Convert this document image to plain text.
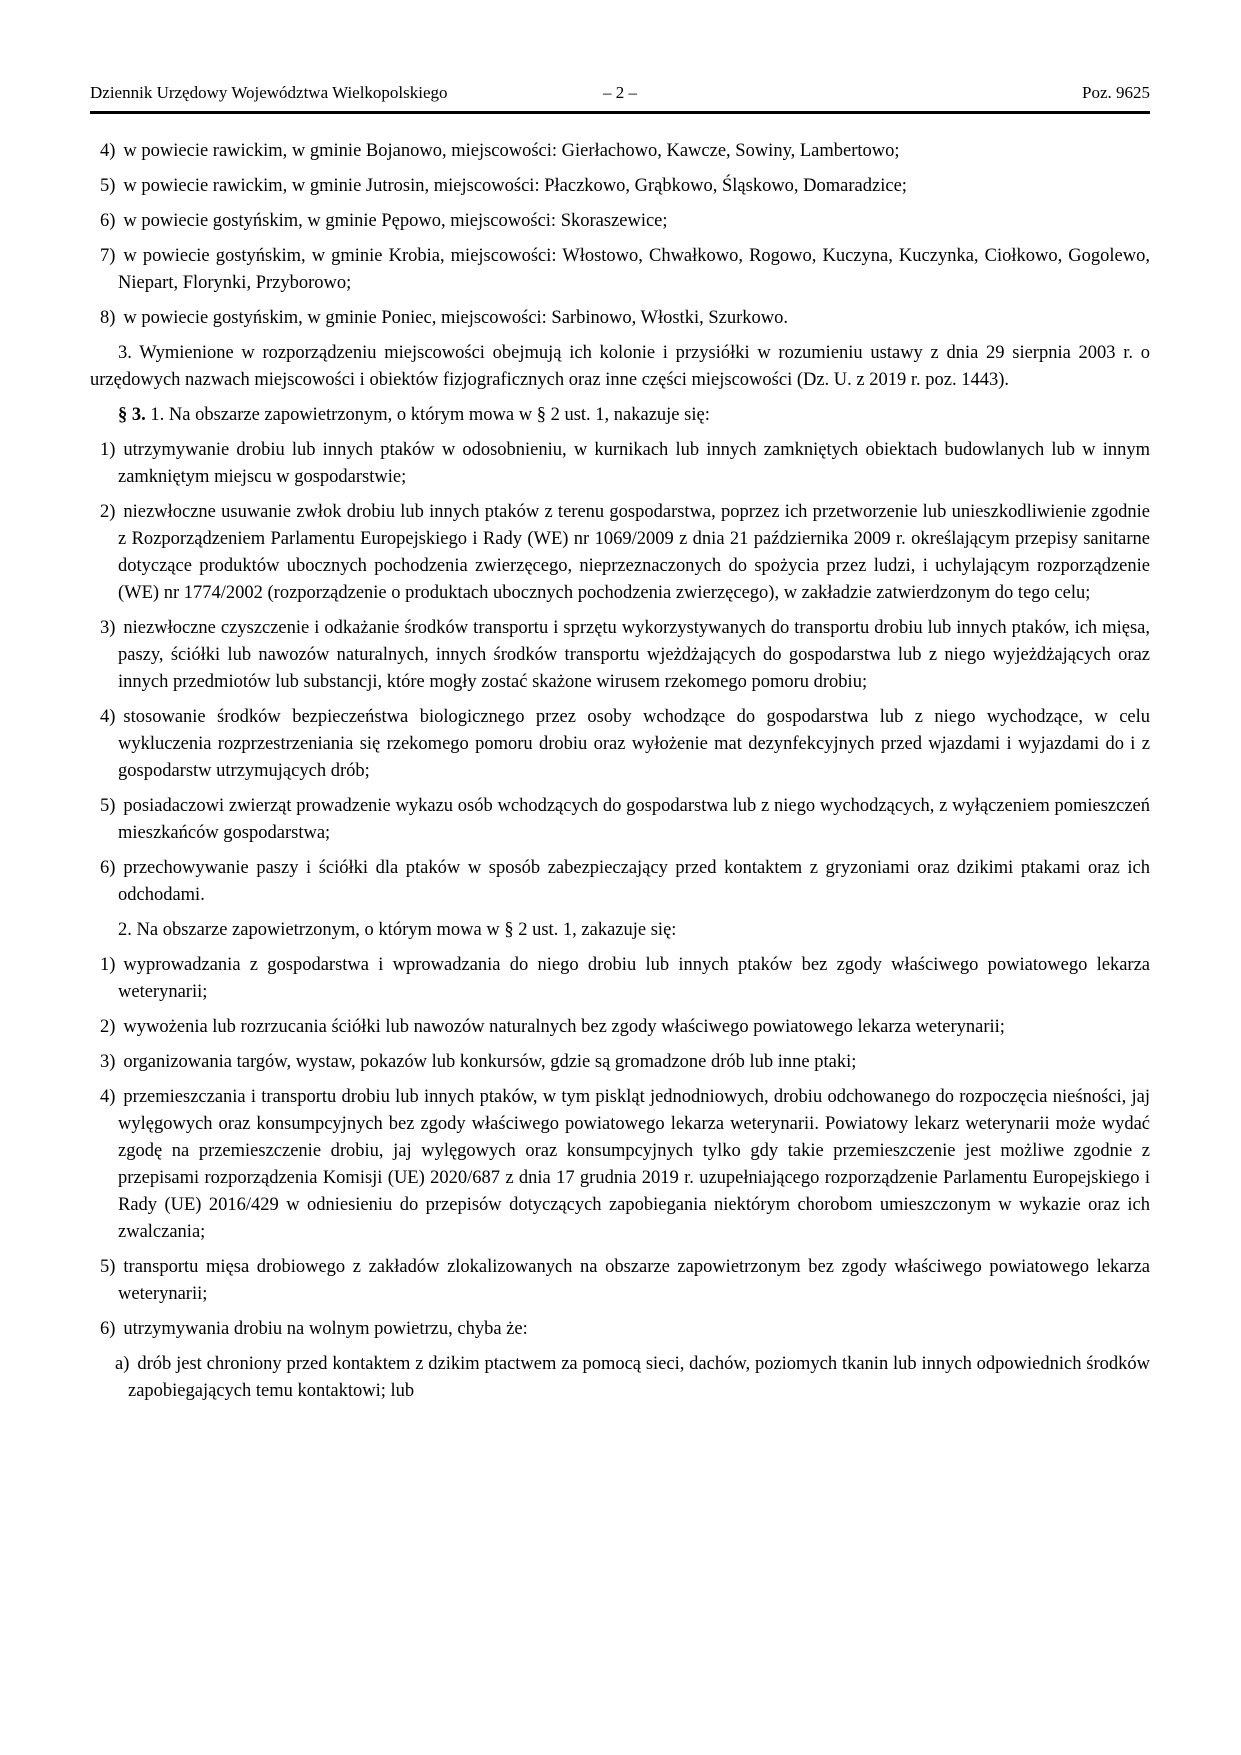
Dziennik Urzędowy Województwa Wielkopolskiego	– 2 –	Poz. 9625
4) w powiecie rawickim, w gminie Bojanowo, miejscowości: Gierłachowo, Kawcze, Sowiny, Lambertowo;
5) w powiecie rawickim, w gminie Jutrosin, miejscowości: Płaczkowo, Grąbkowo, Śląskowo, Domaradzice;
6) w powiecie gostyńskim, w gminie Pępowo, miejscowości: Skoraszewice;
7) w powiecie gostyńskim, w gminie Krobia, miejscowości: Włostowo, Chwałkowo, Rogowo, Kuczyna, Kuczynka, Ciołkowo, Gogolewo, Niepart, Florynki, Przyborowo;
8) w powiecie gostyńskim, w gminie Poniec, miejscowości: Sarbinowo, Włostki, Szurkowo.
3. Wymienione w rozporządzeniu miejscowości obejmują ich kolonie i przysiółki w rozumieniu ustawy z dnia 29 sierpnia 2003 r. o urzędowych nazwach miejscowości i obiektów fizjograficznych oraz inne części miejscowości (Dz. U. z 2019 r. poz. 1443).
§ 3. 1. Na obszarze zapowietrzonym, o którym mowa w § 2 ust. 1, nakazuje się:
1) utrzymywanie drobiu lub innych ptaków w odosobnieniu, w kurnikach lub innych zamkniętych obiektach budowlanych lub w innym zamkniętym miejscu w gospodarstwie;
2) niezwłoczne usuwanie zwłok drobiu lub innych ptaków z terenu gospodarstwa, poprzez ich przetworzenie lub unieszkodliwienie zgodnie z Rozporządzeniem Parlamentu Europejskiego i Rady (WE) nr 1069/2009 z dnia 21 października 2009 r. określającym przepisy sanitarne dotyczące produktów ubocznych pochodzenia zwierzęcego, nieprzeznaczonych do spożycia przez ludzi, i uchylającym rozporządzenie (WE) nr 1774/2002 (rozporządzenie o produktach ubocznych pochodzenia zwierzęcego), w zakładzie zatwierdzonym do tego celu;
3) niezwłoczne czyszczenie i odkażanie środków transportu i sprzętu wykorzystywanych do transportu drobiu lub innych ptaków, ich mięsa, paszy, ściółki lub nawozów naturalnych, innych środków transportu wjeżdżających do gospodarstwa lub z niego wyjeżdżających oraz innych przedmiotów lub substancji, które mogły zostać skażone wirusem rzekomego pomoru drobiu;
4) stosowanie środków bezpieczeństwa biologicznego przez osoby wchodzące do gospodarstwa lub z niego wychodzące, w celu wykluczenia rozprzestrzeniania się rzekomego pomoru drobiu oraz wyłożenie mat dezynfekcyjnych przed wjazdami i wyjazdami do i z gospodarstw utrzymujących drób;
5) posiadaczowi zwierząt prowadzenie wykazu osób wchodzących do gospodarstwa lub z niego wychodzących, z wyłączeniem pomieszczeń mieszkańców gospodarstwa;
6) przechowywanie paszy i ściółki dla ptaków w sposób zabezpieczający przed kontaktem z gryzoniami oraz dzikimi ptakami oraz ich odchodami.
2. Na obszarze zapowietrzonym, o którym mowa w § 2 ust. 1, zakazuje się:
1) wyprowadzania z gospodarstwa i wprowadzania do niego drobiu lub innych ptaków bez zgody właściwego powiatowego lekarza weterynarii;
2) wywożenia lub rozrzucania ściółki lub nawozów naturalnych bez zgody właściwego powiatowego lekarza weterynarii;
3) organizowania targów, wystaw, pokazów lub konkursów, gdzie są gromadzone drób lub inne ptaki;
4) przemieszczania i transportu drobiu lub innych ptaków, w tym piskląt jednodniowych, drobiu odchowanego do rozpoczęcia nieśności, jaj wylęgowych oraz konsumpcyjnych bez zgody właściwego powiatowego lekarza weterynarii. Powiatowy lekarz weterynarii może wydać zgodę na przemieszczenie drobiu, jaj wylęgowych oraz konsumpcyjnych tylko gdy takie przemieszczenie jest możliwe zgodnie z przepisami rozporządzenia Komisji (UE) 2020/687 z dnia 17 grudnia 2019 r. uzupełniającego rozporządzenie Parlamentu Europejskiego i Rady (UE) 2016/429 w odniesieniu do przepisów dotyczących zapobiegania niektórym chorobom umieszczonym w wykazie oraz ich zwalczania;
5) transportu mięsa drobiowego z zakładów zlokalizowanych na obszarze zapowietrzonym bez zgody właściwego powiatowego lekarza weterynarii;
6) utrzymywania drobiu na wolnym powietrzu, chyba że:
a) drób jest chroniony przed kontaktem z dzikim ptactwem za pomocą sieci, dachów, poziomych tkanin lub innych odpowiednich środków zapobiegających temu kontaktowi; lub
